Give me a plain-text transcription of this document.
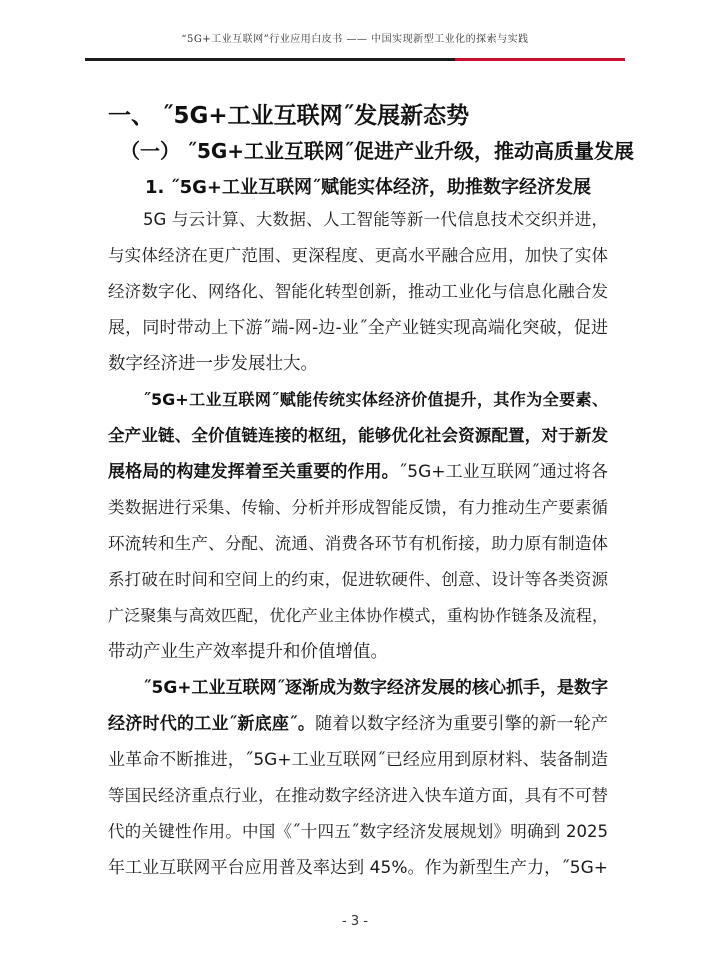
“5G+工业互联网”行业应用白皮书 —— 中国实现新型工业化的探索与实践
一、 ˝5G+工业互联网˝发展新态势
（一） ˝5G+工业互联网˝促进产业升级，推动高质量发展
1. ˝5G+工业互联网˝赋能实体经济，助推数字经济发展
5G 与云计算、大数据、人工智能等新一代信息技术交织并进，
与实体经济在更广范围、更深程度、更高水平融合应用，加快了实体
经济数字化、网络化、智能化转型创新，推动工业化与信息化融合发
展，同时带动上下游˝端-网-边-业˝全产业链实现高端化突破，促进
数字经济进一步发展壮大。
˝5G+工业互联网˝赋能传统实体经济价值提升，其作为全要素、
全产业链、全价值链连接的枢纽，能够优化社会资源配置，对于新发
展格局的构建发挥着至关重要的作用。˝5G+工业互联网˝通过将各
类数据进行采集、传输、分析并形成智能反馈，有力推动生产要素循
环流转和生产、分配、流通、消费各环节有机衔接，助力原有制造体
系打破在时间和空间上的约束，促进软硬件、创意、设计等各类资源
广泛聚集与高效匹配，优化产业主体协作模式，重构协作链条及流程，
带动产业生产效率提升和价值增值。
˝5G+工业互联网˝逐渐成为数字经济发展的核心抓手，是数字
经济时代的工业˝新底座˝。随着以数字经济为重要引擎的新一轮产
业革命不断推进，˝5G+工业互联网˝已经应用到原材料、装备制造
等国民经济重点行业，在推动数字经济进入快车道方面，具有不可替
代的关键性作用。中国《˝十四五˝数字经济发展规划》明确到 2025
年工业互联网平台应用普及率达到 45%。作为新型生产力，˝5G+
- 3 -
